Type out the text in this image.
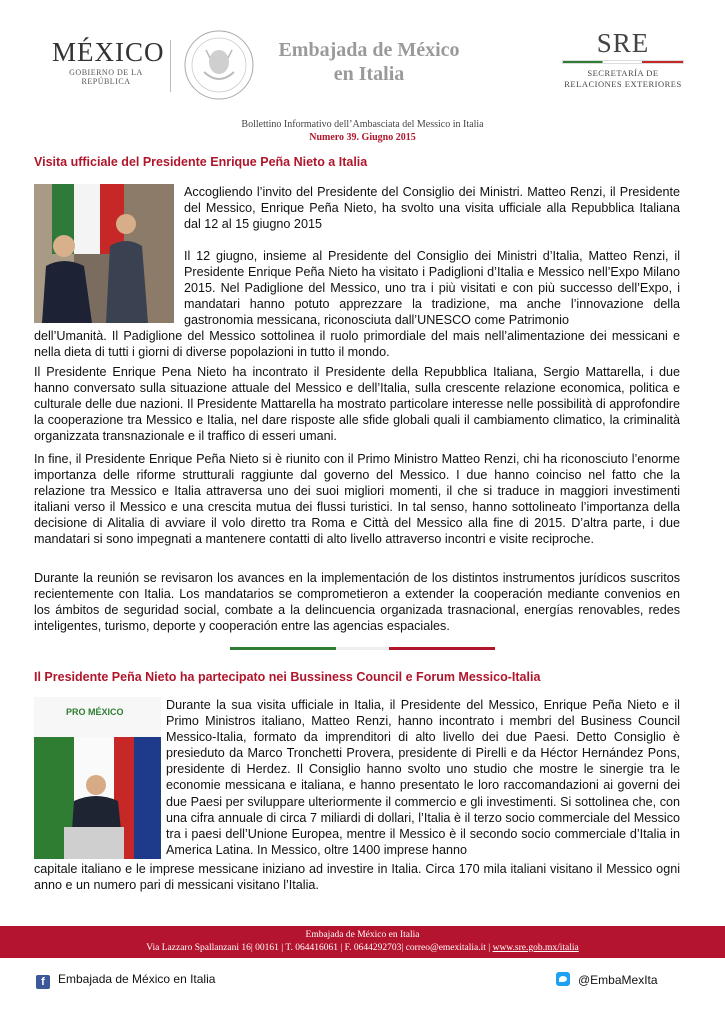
MÉXICO
GOBIERNO DE LA REPÚBLICA
Embajada de México
en Italia
SRE
SECRETARÍA DE
RELACIONES EXTERIORES
Bollettino Informativo dell’Ambasciata del Messico in Italia
Numero 39. Giugno 2015
Visita ufficiale del Presidente Enrique Peña Nieto a Italia
Accogliendo l’invito del Presidente del Consiglio dei Ministri. Matteo Renzi, il Presidente del Messico, Enrique Peña Nieto, ha svolto una visita ufficiale alla Repubblica Italiana dal 12 al 15 giugno 2015
Il 12 giugno, insieme al Presidente del Consiglio dei Ministri d’Italia, Matteo Renzi, il Presidente Enrique Peña Nieto ha visitato i Padiglioni d’Italia e Messico nell’Expo Milano 2015. Nel Padiglione del Messico, uno tra i più visitati e con più successo dell’Expo, i mandatari hanno potuto apprezzare la tradizione, ma anche l’innovazione della gastronomia messicana, riconosciuta dall’UNESCO come Patrimonio

dell’Umanità. Il Padiglione del Messico sottolinea il ruolo primordiale del mais nell’alimentazione dei messicani e nella dieta di tutti i giorni di diverse popolazioni in tutto il mondo.

Il Presidente Enrique Pena Nieto ha incontrato il Presidente della Repubblica Italiana, Sergio Mattarella, i due hanno conversato sulla situazione attuale del Messico e dell’Italia, sulla crescente relazione economica, politica e culturale delle due nazioni. Il Presidente Mattarella ha mostrato particolare interesse nelle possibilità di approfondire la cooperazione tra Messico e Italia, nel dare risposte alle sfide globali quali il cambiamento climatico, la criminalità organizzata transnazionale e il traffico di esseri umani.

In fine, il Presidente Enrique Peña Nieto si è riunito con il Primo Ministro Matteo Renzi, chi ha riconosciuto l’enorme importanza delle riforme strutturali raggiunte dal governo del Messico. I due hanno coinciso nel fatto che la relazione tra Messico e Italia attraversa uno dei suoi migliori momenti, il che si traduce in maggiori investimenti italiani verso il Messico e una crescita mutua dei flussi turistici. In tal senso, hanno sottolineato l’importanza della decisione di Alitalia di avviare il volo diretto tra Roma e Città del Messico alla fine di 2015. D’altra parte, i due mandatari si sono impegnati a mantenere contatti di alto livello attraverso incontri e visite reciproche.

Durante la reunión se revisaron los avances en la implementación de los distintos instrumentos jurídicos suscritos recientemente con Italia. Los mandatarios se comprometieron a extender la cooperación mediante convenios en los ámbitos de seguridad social, combate a la delincuencia organizada trasnacional, energías renovables, redes inteligentes, turismo, deporte y cooperación entre las agencias espaciales.

Il Presidente Peña Nieto ha partecipato nei Bussiness Council e Forum Messico-Italia
PRO MÉXICO	Durante la sua visita ufficiale in Italia, il Presidente del Messico, Enrique Peña Nieto e il Primo Ministros italiano, Matteo Renzi, hanno incontrato i membri del Business Council Messico-Italia, formato da imprenditori di alto livello dei due Paesi. Detto Consiglio è presieduto da Marco Tronchetti Provera, presidente di Pirelli e da Héctor Hernández Pons, presidente di Herdez. Il Consiglio hanno svolto uno studio che mostre le sinergie tra le economie messicana e italiana, e hanno presentato le loro raccomandazioni ai governi dei due Paesi per sviluppare ulteriormente il commercio e gli investimenti. Si sottolinea che, con una cifra annuale di circa 7 miliardi di dollari, l’Italia è il terzo socio commerciale del Messico tra i paesi dell’Unione Europea, mentre il Messico è il secondo socio commerciale d’Italia in America Latina. In Messico, oltre 1400 imprese hanno

capitale italiano e le imprese messicane iniziano ad investire in Italia. Circa 170 mila italiani visitano il Messico ogni anno e un numero pari di messicani visitano l’Italia.

Embajada de México en Italia
Via Lazzaro Spallanzani 16| 00161 | T. 064416061 | F. 0644292703| correo@emexitalia.it | www.sre.gob.mx/italia
f Embajada de México en Italia	@EmbaMexIta
